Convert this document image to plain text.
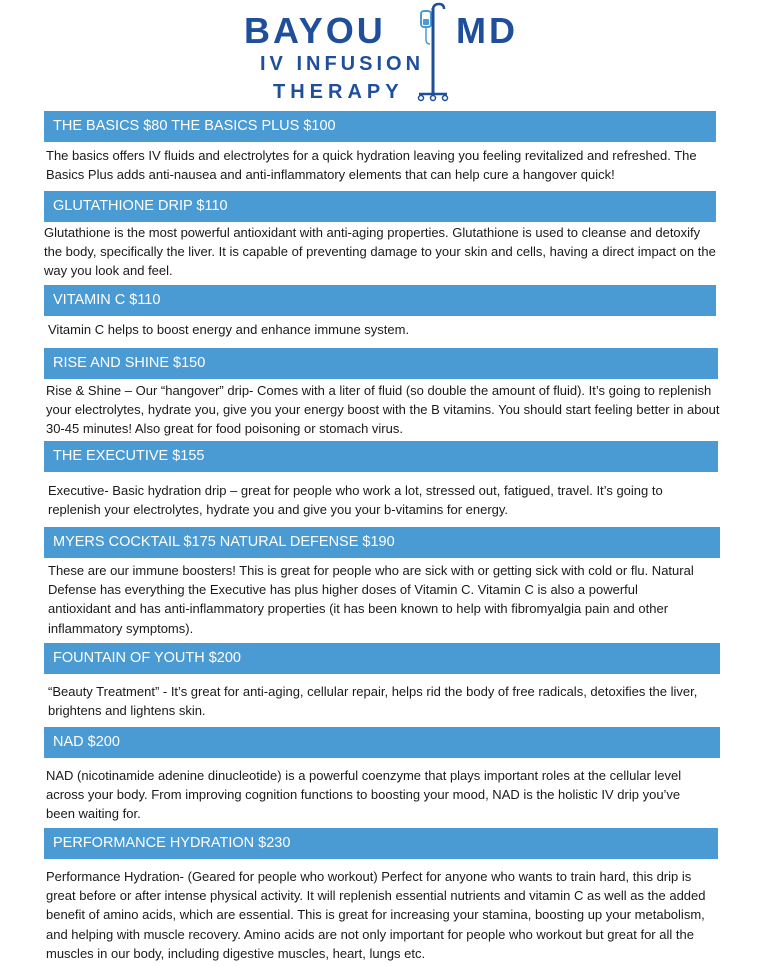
BAYOU MD
IV INFUSION
THERAPY
THE BASICS $80 THE BASICS PLUS $100
The basics offers IV fluids and electrolytes for a quick hydration leaving you feeling revitalized and refreshed. The Basics Plus adds anti-nausea and anti-inflammatory elements that can help cure a hangover quick!
GLUTATHIONE DRIP $110
Glutathione is the most powerful antioxidant with anti-aging properties. Glutathione is used to cleanse and detoxify the body, specifically the liver. It is capable of preventing damage to your skin and cells, having a direct impact on the way you look and feel.
VITAMIN C $110
Vitamin C helps to boost energy and enhance immune system.
RISE AND SHINE $150
Rise & Shine – Our “hangover” drip- Comes with a liter of fluid (so double the amount of fluid). It’s going to replenish your electrolytes, hydrate you, give you your energy boost with the B vitamins. You should start feeling better in about 30-45 minutes! Also great for food poisoning or stomach virus.
THE EXECUTIVE $155
Executive- Basic hydration drip – great for people who work a lot, stressed out, fatigued, travel. It’s going to replenish your electrolytes, hydrate you and give you your b-vitamins for energy.
MYERS COCKTAIL $175 NATURAL DEFENSE $190
These are our immune boosters! This is great for people who are sick with or getting sick with cold or flu. Natural Defense has everything the Executive has plus higher doses of Vitamin C. Vitamin C is also a powerful antioxidant and has anti-inflammatory properties (it has been known to help with fibromyalgia pain and other inflammatory symptoms).
FOUNTAIN OF YOUTH $200
“Beauty Treatment” - It’s great for anti-aging, cellular repair, helps rid the body of free radicals, detoxifies the liver, brightens and lightens skin.
NAD $200
NAD (nicotinamide adenine dinucleotide) is a powerful coenzyme that plays important roles at the cellular level across your body. From improving cognition functions to boosting your mood, NAD is the holistic IV drip you’ve been waiting for.
PERFORMANCE HYDRATION $230
Performance Hydration- (Geared for people who workout) Perfect for anyone who wants to train hard, this drip is great before or after intense physical activity. It will replenish essential nutrients and vitamin C as well as the added benefit of amino acids, which are essential. This is great for increasing your stamina, boosting up your metabolism, and helping with muscle recovery. Amino acids are not only important for people who workout but great for all the muscles in our body, including digestive muscles, heart, lungs etc.
